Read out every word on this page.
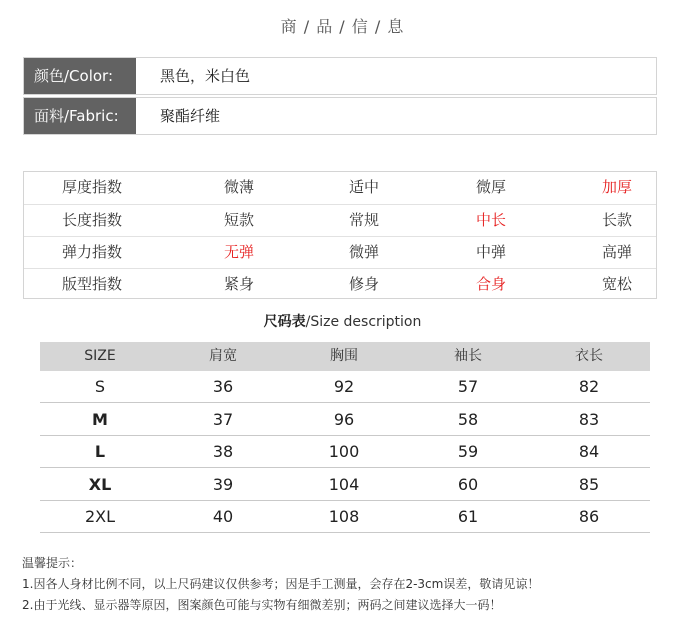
商 / 品 / 信 / 息
颜色/Color:	黑色，米白色
面料/Fabric:	聚酯纤维
厚度指数	微薄	适中	微厚	加厚
长度指数	短款	常规	中长	长款
弹力指数	无弹	微弹	中弹	高弹
版型指数	紧身	修身	合身	宽松
尺码表/Size description
SIZE	肩宽	胸围	袖长	衣长
S	36	92	57	82
M	37	96	58	83
L	38	100	59	84
XL	39	104	60	85
2XL	40	108	61	86
温馨提示：
1.因各人身材比例不同，以上尺码建议仅供参考；因是手工测量，会存在2-3cm误差，敬请见谅！
2.由于光线、显示器等原因，图案颜色可能与实物有细微差别；两码之间建议选择大一码！
